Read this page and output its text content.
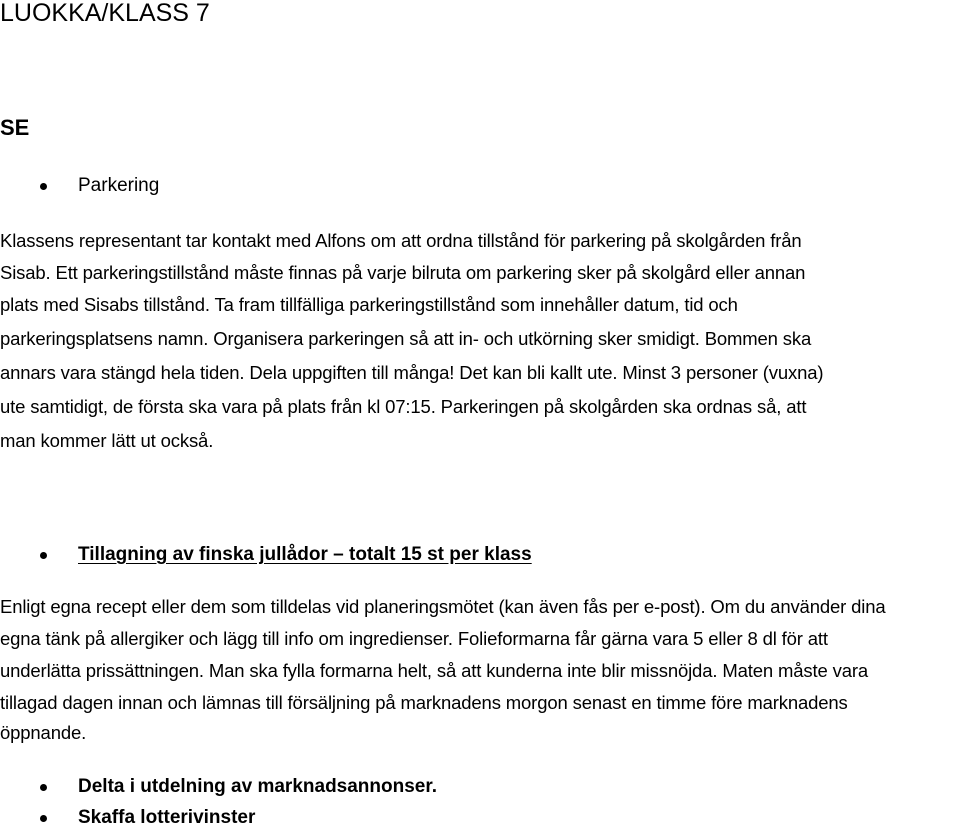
LUOKKA/KLASS 7
SE
Parkering
Klassens representant tar kontakt med Alfons om att ordna tillstånd för parkering på skolgården från
Sisab. Ett parkeringstillstånd måste finnas på varje bilruta om parkering sker på skolgård eller annan
plats med Sisabs tillstånd. Ta fram tillfälliga parkeringstillstånd som innehåller datum, tid och
parkeringsplatsens namn. Organisera parkeringen så att in- och utkörning sker smidigt. Bommen ska
annars vara stängd hela tiden. Dela uppgiften till många! Det kan bli kallt ute. Minst 3 personer (vuxna)
ute samtidigt, de första ska vara på plats från kl 07:15. Parkeringen på skolgården ska ordnas så, att
man kommer lätt ut också.
Tillagning av finska jullådor – totalt 15 st per klass
Enligt egna recept eller dem som tilldelas vid planeringsmötet (kan även fås per e-post). Om du använder dina
egna tänk på allergiker och lägg till info om ingredienser. Folieformarna får gärna vara 5 eller 8 dl för att
underlätta prissättningen. Man ska fylla formarna helt, så att kunderna inte blir missnöjda. Maten måste vara
tillagad dagen innan och lämnas till försäljning på marknadens morgon senast en timme före marknadens
öppnande.
Delta i utdelning av marknadsannonser.
Skaffa lotterivinster
